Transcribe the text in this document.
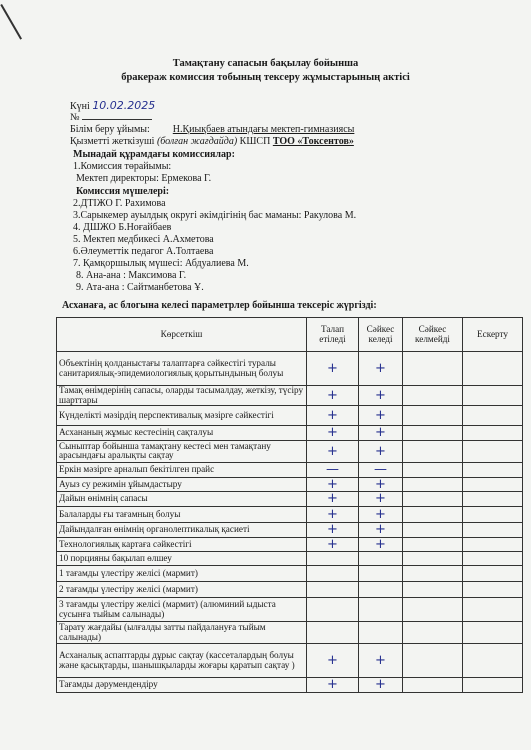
Тамақтану сапасын бақылау бойынша
бракераж комиссия тобының тексеру жұмыстарының актісі
Күні 10.02.2025
№
Білім беру ұйымы: Н.Қиықбаев атындағы мектеп-гимназиясы
Қызметті жеткізуші (болған жағдайда) КШСП ТОО «Токсентов»
Мынадай құрамдағы комиссиялар:
1.Комиссия төрайымы:
Мектеп директоры: Ермекова Г.
Комиссия мүшелері:
2.ДТІЖО Г. Рахимова
3.Сарыкемер ауылдық округі әкімдігінің бас маманы: Ракулова М.
4. ДШЖО Б.Ноғайбаев
5. Мектеп медбикесі А.Ахметова
6.Әлеуметтік педагог А.Толтаева
7. Қамқоршылық мүшесі: Абдуалиева М.
8. Ана-ана : Максимова Г.
9. Ата-ана : Сайтманбетова Ұ.
Асханаға, ас блогына келесі параметрлер бойынша тексеріс жүргізді:
Көрсеткіш	Талап етіледі	Сәйкес келеді	Сәйкес келмейді	Ескерту
Объектінің қолданыстағы талаптарға сәйкестігі туралы санитариялық-эпидемиологиялық қорытындының болуы	+	+		
Тамақ өнімдерінің сапасы, оларды тасымалдау, жеткізу, түсіру шарттары	+	+		
Күнделікті мәзірдің перспективалық мәзірге сәйкестігі	+	+		
Асхананың жұмыс кестесінің сақталуы	+	+		
Сыныптар бойынша тамақтану кестесі мен тамақтану арасындағы аралықты сақтау	+	+		
Еркін мәзірге арналып бекітілген прайс	—	—		
Ауыз су режимін ұйымдастыру	+	+		
Дайын өнімнің сапасы	+	+		
Балаларды ғы тағамның болуы	+	+		
Дайындалған өнімнің органолептикалық қасиеті	+	+		
Технологиялық картаға сәйкестігі	+	+		
10 порцияны бақылап өлшеу				
1 тағамды үлестіру желісі (мармит)				
2 тағамды үлестіру желісі (мармит)				
3 тағамды үлестіру желісі (мармит) (алюминий ыдыста сусынға тыйым салынады)				
Тарату жағдайы (ылғалды затты пайдалануға тыйым салынады)				
Асханалық аспаптарды дұрыс сақтау (кассеталардың болуы және қасықтарды, шанышқыларды жоғары қаратып сақтау )	+	+		
Тағамды дәрумендендіру	+	+		
